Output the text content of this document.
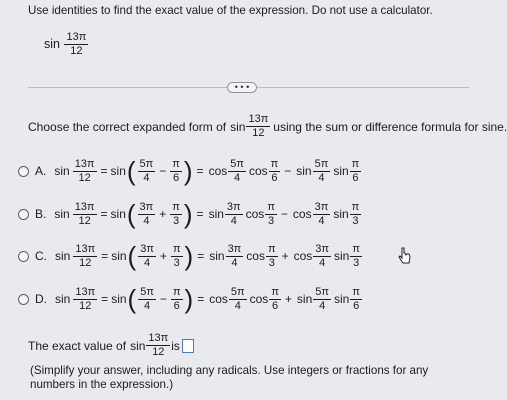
Use identities to find the exact value of the expression. Do not use a calculator.
$\sin \frac{13\pi}{12}$
• • •
Choose the correct expanded form of $\sin \frac{13\pi}{12}$ using the sum or difference formula for sine.
A. $\sin \frac{13\pi}{12} = \sin$ ( $\frac{5\pi}{4} - \frac{\pi}{6}$ ) = $\cos \frac{5\pi}{4}$ $\cos \frac{\pi}{6} - \sin \frac{5\pi}{4}$ $\sin \frac{\pi}{6}$
B. $\sin \frac{13\pi}{12} = \sin$ ( $\frac{3\pi}{4} + \frac{\pi}{3}$ ) = $\sin \frac{3\pi}{4}$ $\cos \frac{\pi}{3} - \cos \frac{3\pi}{4}$ $\sin \frac{\pi}{3}$
C. $\sin \frac{13\pi}{12} = \sin$ ( $\frac{3\pi}{4} + \frac{\pi}{3}$ ) = $\sin \frac{3\pi}{4}$ $\cos \frac{\pi}{3} + \cos \frac{3\pi}{4}$ $\sin \frac{\pi}{3}$
D. $\sin \frac{13\pi}{12} = \sin$ ( $\frac{5\pi}{4} - \frac{\pi}{6}$ ) = $\cos \frac{5\pi}{4}$ $\cos \frac{\pi}{6} + \sin \frac{5\pi}{4}$ $\sin \frac{\pi}{6}$
The exact value of $\sin \frac{13\pi}{12}$ is
(Simplify your answer, including any radicals. Use integers or fractions for any numbers in the expression.)
